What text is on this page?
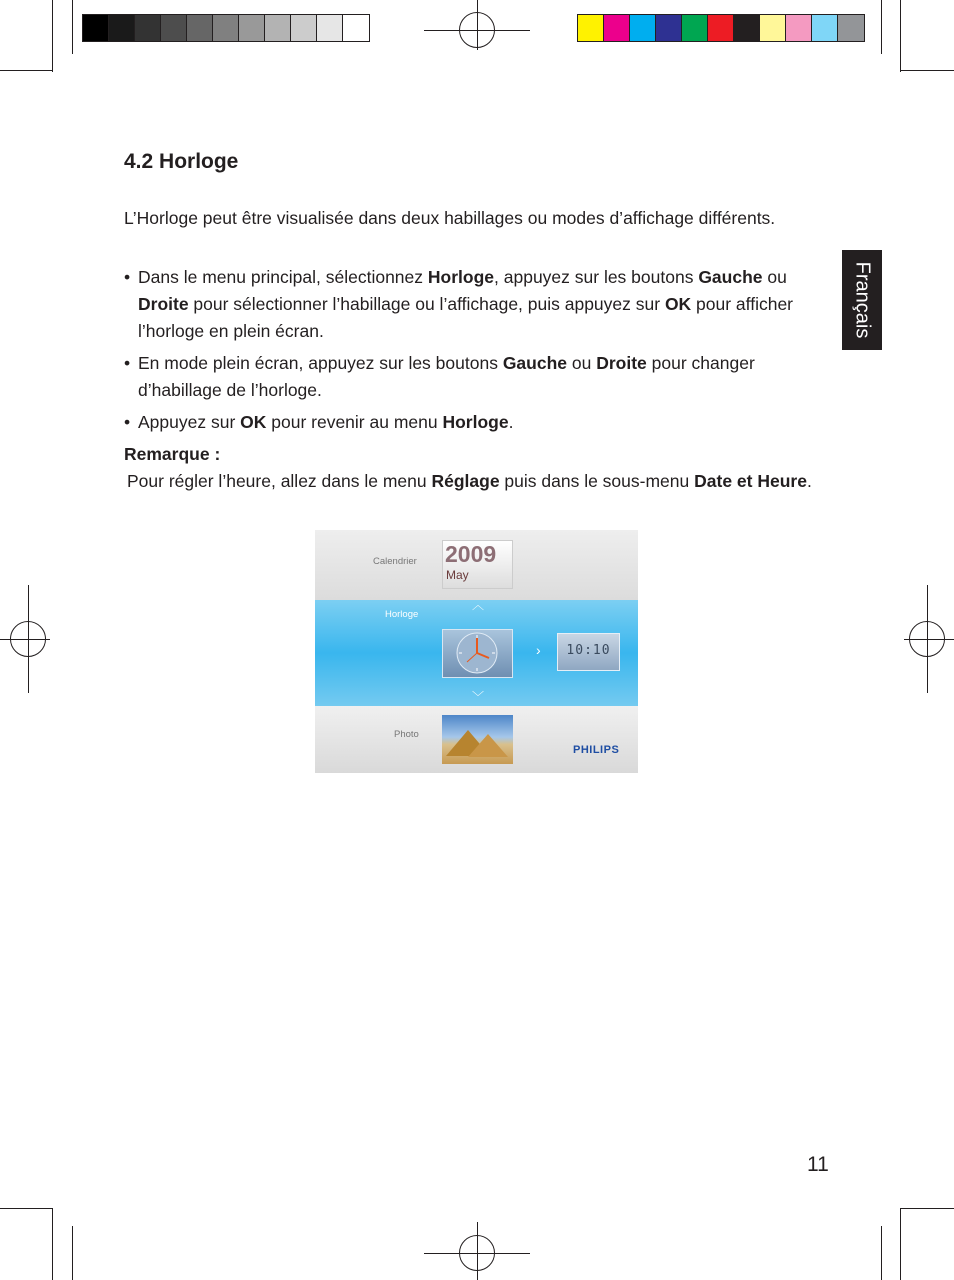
4.2 Horloge

L’Horloge peut être visualisée dans deux habillages ou modes d’affichage différents.

• Dans le menu principal, sélectionnez Horloge, appuyez sur les boutons Gauche ou Droite pour sélectionner l’habillage ou l’affichage, puis appuyez sur OK pour afficher l’horloge en plein écran.
• En mode plein écran, appuyez sur les boutons Gauche ou Droite pour changer d’habillage de l’horloge.
• Appuyez sur OK pour revenir au menu Horloge.
Remarque :
Pour régler l’heure, allez dans le menu Réglage puis dans le sous-menu Date et Heure.
Calendrier 2009
May
Horloge
︿
﹀
›	10:10
Photo
PHILIPS
Français
11
